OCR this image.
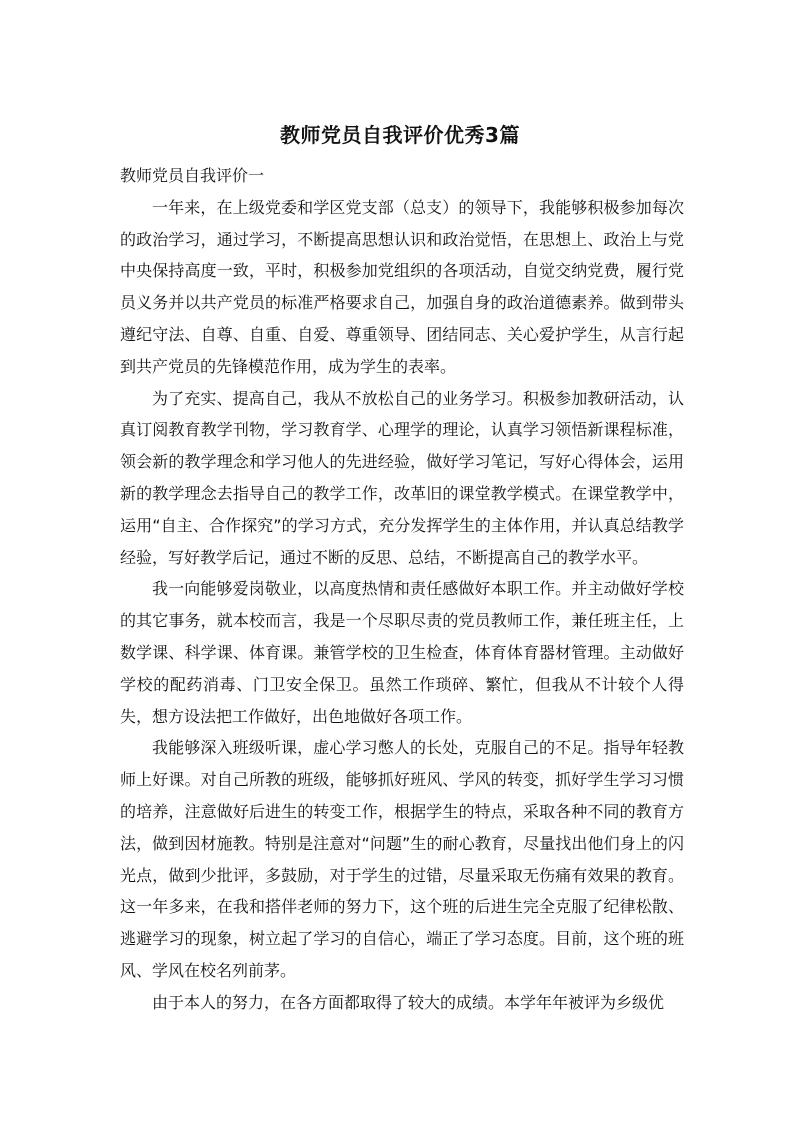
教师党员自我评价优秀3篇

教师党员自我评价一

一年来，在上级党委和学区党支部（总支）的领导下，我能够积极参加每次的政治学习，通过学习，不断提高思想认识和政治觉悟，在思想上、政治上与党中央保持高度一致，平时，积极参加党组织的各项活动，自觉交纳党费，履行党员义务并以共产党员的标准严格要求自己，加强自身的政治道德素养。做到带头遵纪守法、自尊、自重、自爱、尊重领导、团结同志、关心爱护学生，从言行起到共产党员的先锋模范作用，成为学生的表率。

为了充实、提高自己，我从不放松自己的业务学习。积极参加教研活动，认真订阅教育教学刊物，学习教育学、心理学的理论，认真学习领悟新课程标准，领会新的教学理念和学习他人的先进经验，做好学习笔记，写好心得体会，运用新的教学理念去指导自己的教学工作，改革旧的课堂教学模式。在课堂教学中，运用“自主、合作探究”的学习方式，充分发挥学生的主体作用，并认真总结教学经验，写好教学后记，通过不断的反思、总结，不断提高自己的教学水平。

我一向能够爱岗敬业，以高度热情和责任感做好本职工作。并主动做好学校的其它事务，就本校而言，我是一个尽职尽责的党员教师工作，兼任班主任，上数学课、科学课、体育课。兼管学校的卫生检查，体育体育器材管理。主动做好学校的配药消毒、门卫安全保卫。虽然工作琐碎、繁忙，但我从不计较个人得失，想方设法把工作做好，出色地做好各项工作。

我能够深入班级听课，虚心学习憋人的长处，克服自己的不足。指导年轻教师上好课。对自己所教的班级，能够抓好班风、学风的转变，抓好学生学习习惯的培养，注意做好后进生的转变工作，根据学生的特点，采取各种不同的教育方法，做到因材施教。特别是注意对“问题”生的耐心教育，尽量找出他们身上的闪光点，做到少批评，多鼓励，对于学生的过错，尽量采取无伤痛有效果的教育。这一年多来，在我和搭伴老师的努力下，这个班的后进生完全克服了纪律松散、逃避学习的现象，树立起了学习的自信心，端正了学习态度。目前，这个班的班风、学风在校名列前茅。

由于本人的努力，在各方面都取得了较大的成绩。本学年年被评为乡级优
